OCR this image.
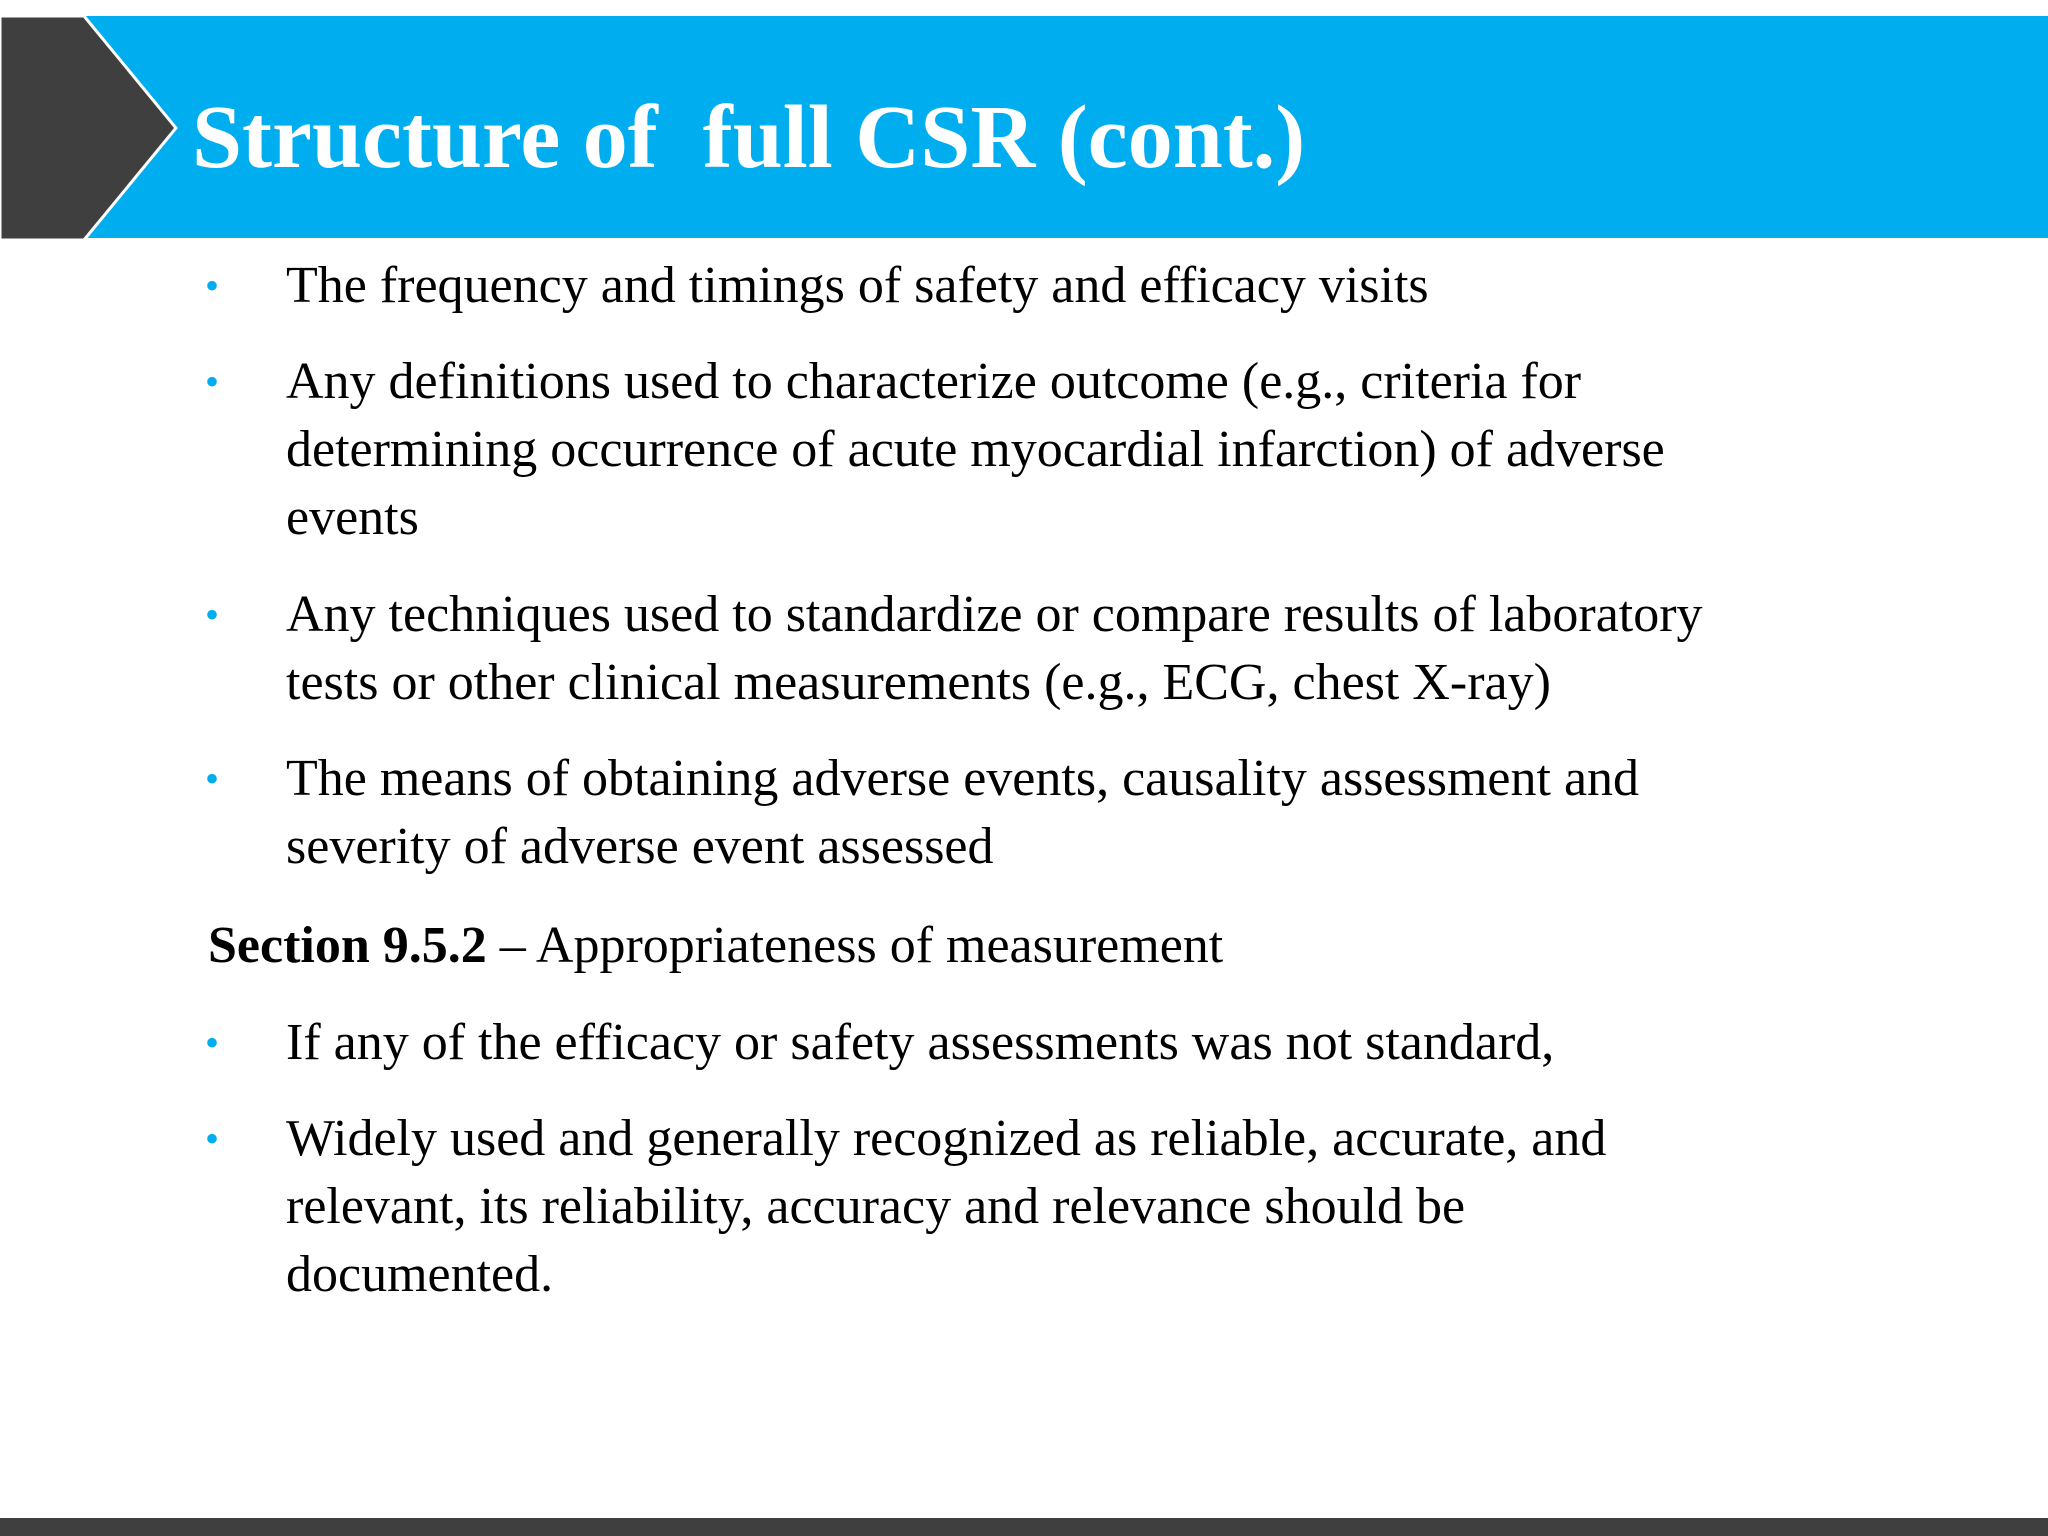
Structure of  full CSR (cont.)
•	The frequency and timings of safety and efficacy visits
•	Any definitions used to characterize outcome (e.g., criteria for
determining occurrence of acute myocardial infarction) of adverse
events
•	Any techniques used to standardize or compare results of laboratory
tests or other clinical measurements (e.g., ECG, chest X-ray)
•	The means of obtaining adverse events, causality assessment and
severity of adverse event assessed
Section 9.5.2 – Appropriateness of measurement
•	If any of the efficacy or safety assessments was not standard,
•	Widely used and generally recognized as reliable, accurate, and
relevant, its reliability, accuracy and relevance should be
documented.
